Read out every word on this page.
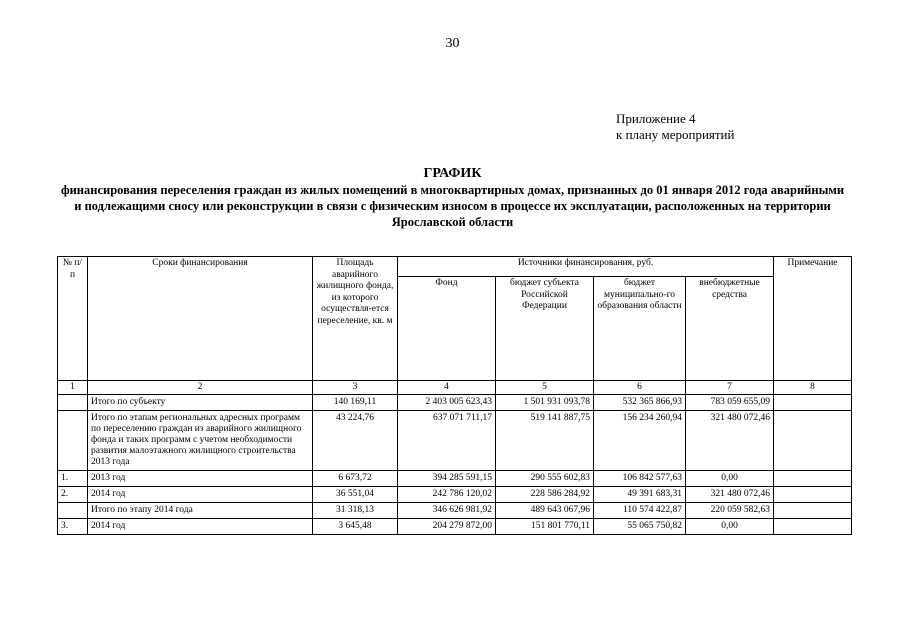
30
Приложение 4
к плану мероприятий
ГРАФИК
финансирования переселения граждан из жилых помещений в многоквартирных домах, признанных до 01 января 2012 года аварийными и подлежащими сносу или реконструкции в связи с физическим износом в процессе их эксплуатации, расположенных на территории Ярославской области
№ п/п	Сроки финансирования	Площадь аварийного жилищного фонда, из которого осуществля-ется переселение, кв. м	Источники финансирования, руб.				Примечание
			Фонд	бюджет субъекта Российской Федерации	бюджет муниципально-го образования области	внебюджетные средства	
1	2	3	4	5	6	7	8
	Итого по субъекту	140 169,11	2 403 005 623,43	1 501 931 093,78	532 365 866,93	783 059 655,09	
	Итого по этапам региональных адресных программ по переселению граждан из аварийного жилищного фонда и таких программ с учетом необходимости развития малоэтажного жилищного строительства 2013 года	43 224,76	637 071 711,17	519 141 887,75	156 234 260,94	321 480 072,46	
1.	2013 год	6 673,72	394 285 591,15	290 555 602,83	106 842 577,63	0,00	
2.	2014 год	36 551,04	242 786 120,02	228 586 284,92	49 391 683,31	321 480 072,46	
	Итого по этапу 2014 года	31 318,13	346 626 981,92	489 643 067,96	110 574 422,87	220 059 582,63	
3.	2014 год	3 645,48	204 279 872,00	151 801 770,11	55 065 750,82	0,00	
